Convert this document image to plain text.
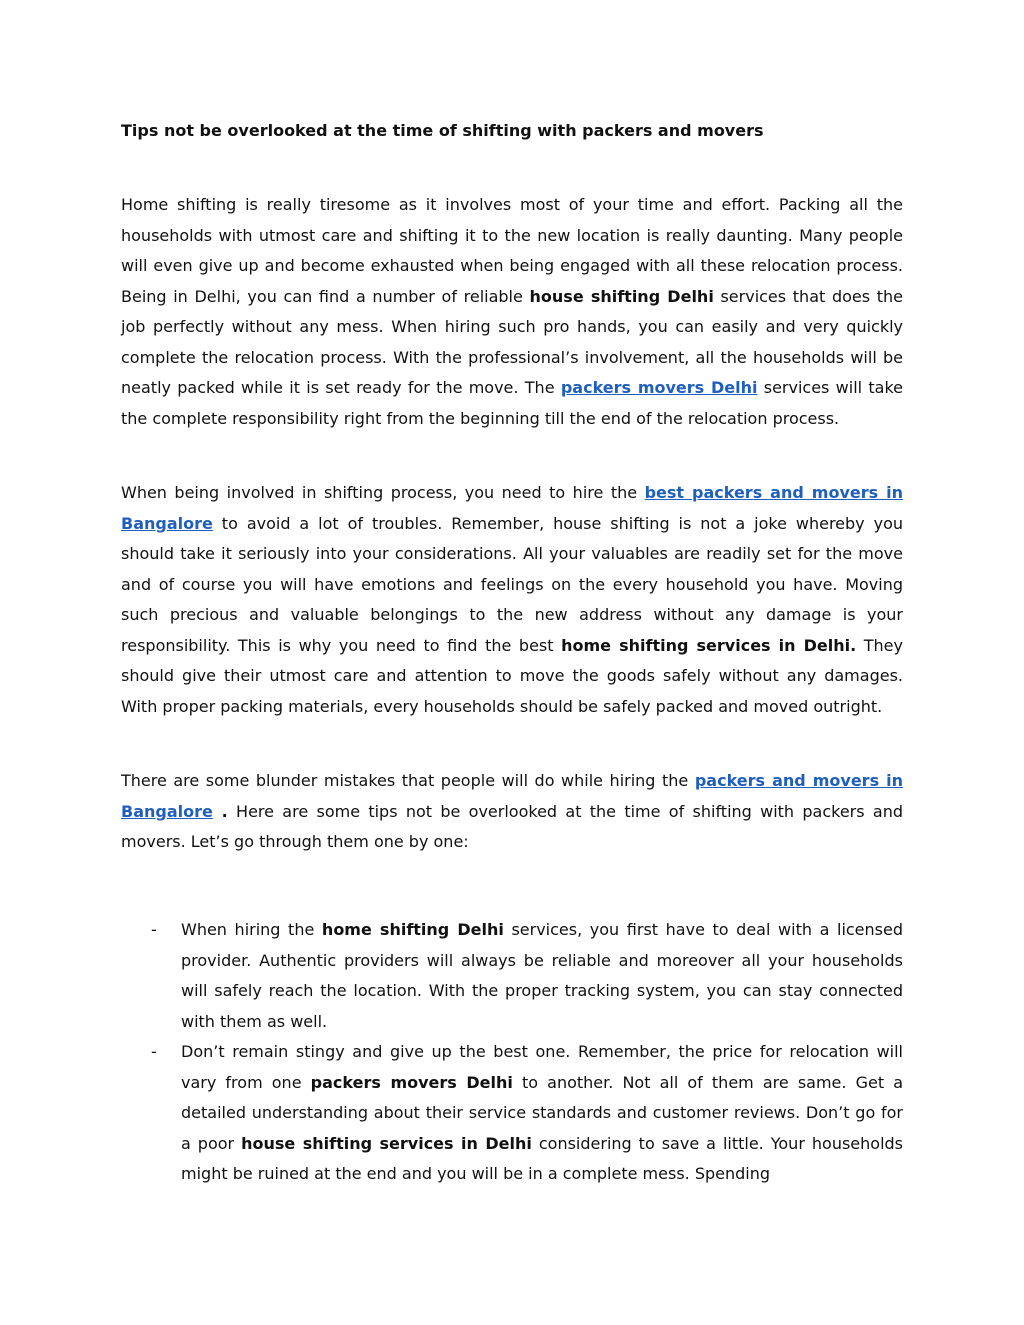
Tips not be overlooked at the time of shifting with packers and movers

Home shifting is really tiresome as it involves most of your time and effort. Packing all the households with utmost care and shifting it to the new location is really daunting. Many people will even give up and become exhausted when being engaged with all these relocation process. Being in Delhi, you can find a number of reliable house shifting Delhi services that does the job perfectly without any mess. When hiring such pro hands, you can easily and very quickly complete the relocation process. With the professional’s involvement, all the households will be neatly packed while it is set ready for the move. The packers movers Delhi services will take the complete responsibility right from the beginning till the end of the relocation process.

When being involved in shifting process, you need to hire the best packers and movers in Bangalore to avoid a lot of troubles. Remember, house shifting is not a joke whereby you should take it seriously into your considerations. All your valuables are readily set for the move and of course you will have emotions and feelings on the every household you have. Moving such precious and valuable belongings to the new address without any damage is your responsibility. This is why you need to find the best home shifting services in Delhi. They should give their utmost care and attention to move the goods safely without any damages. With proper packing materials, every households should be safely packed and moved outright.

There are some blunder mistakes that people will do while hiring the packers and movers in Bangalore . Here are some tips not be overlooked at the time of shifting with packers and movers. Let’s go through them one by one:

- When hiring the home shifting Delhi services, you first have to deal with a licensed provider. Authentic providers will always be reliable and moreover all your households will safely reach the location. With the proper tracking system, you can stay connected with them as well.
- Don’t remain stingy and give up the best one. Remember, the price for relocation will vary from one packers movers Delhi to another. Not all of them are same. Get a detailed understanding about their service standards and customer reviews. Don’t go for a poor house shifting services in Delhi considering to save a little. Your households might be ruined at the end and you will be in a complete mess. Spending
